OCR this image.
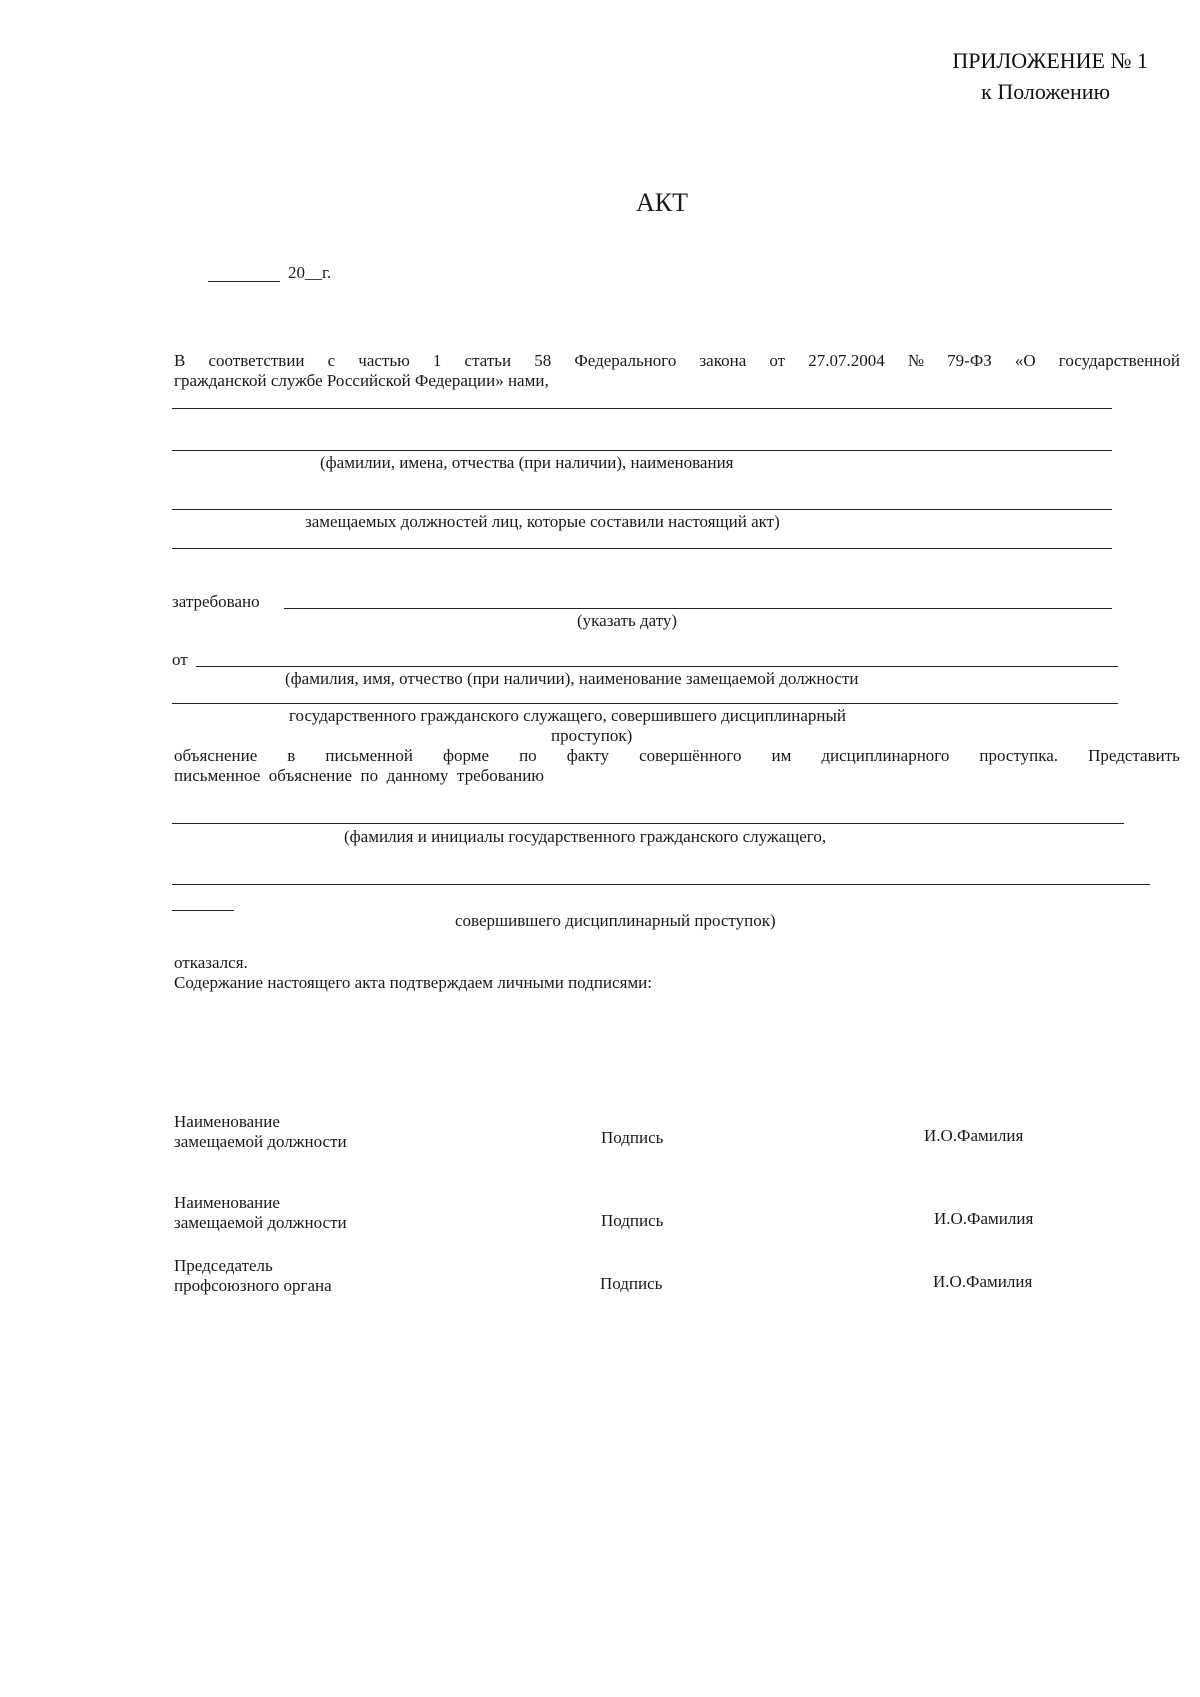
ПРИЛОЖЕНИЕ № 1
к Положению
АКТ
20__г.
В соответствии с частью 1 статьи 58 Федерального закона от 27.07.2004 № 79-ФЗ «О государственной
гражданской службе Российской Федерации» нами,
(фамилии, имена, отчества (при наличии), наименования
замещаемых должностей лиц, которые составили настоящий акт)
затребовано
(указать дату)
от
(фамилия, имя, отчество (при наличии), наименование замещаемой должности
государственного гражданского служащего, совершившего дисциплинарный
проступок)
объяснение в письменной форме по факту совершённого им дисциплинарного проступка. Представить
письменное  объяснение  по  данному  требованию
(фамилия и инициалы государственного гражданского служащего,
совершившего дисциплинарный проступок)
отказался.
Содержание настоящего акта подтверждаем личными подписями:
Наименование
замещаемой должности	Подпись	И.О.Фамилия
Наименование
замещаемой должности	Подпись	И.О.Фамилия
Председатель
профсоюзного органа	Подпись	И.О.Фамилия
